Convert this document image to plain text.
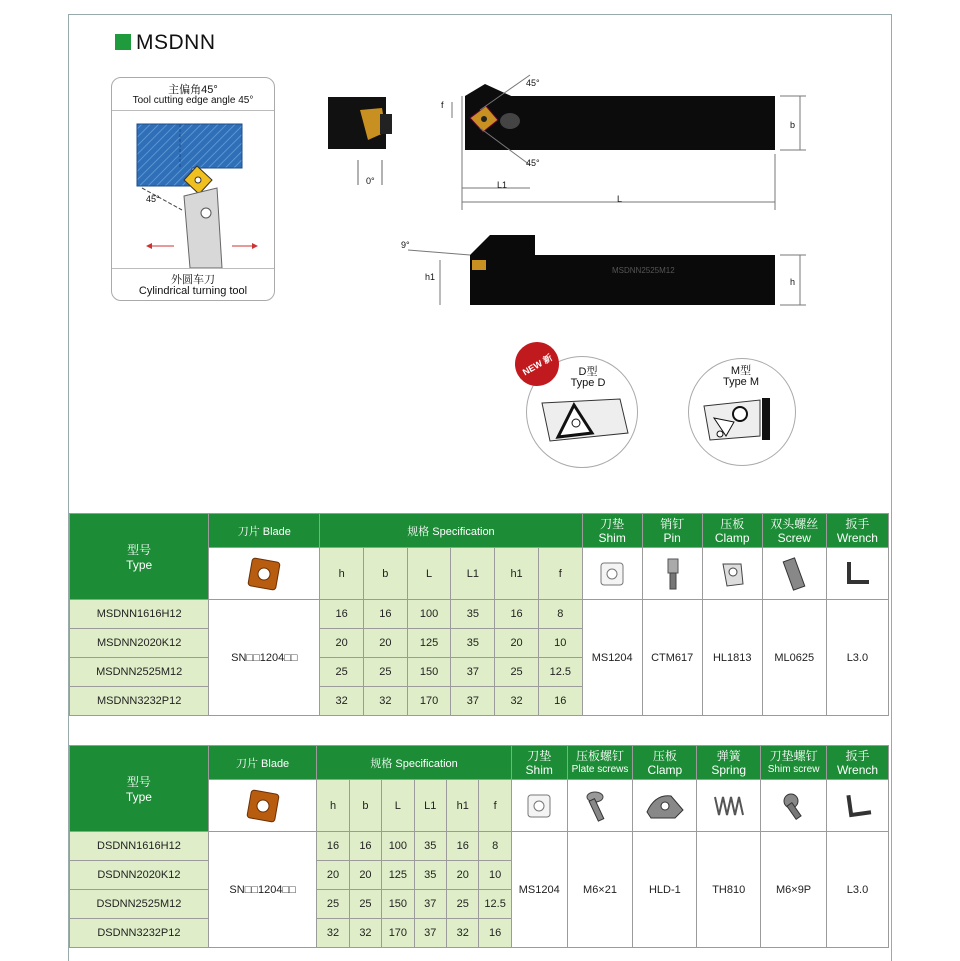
MSDNN
主偏角45°
Tool cutting edge angle 45°
45°
外圆车刀
Cylindrical turning tool
45°
45°
f
b
0°	L1
L
9°
h1	h
MSDNN2525M12
NEW 新	D型
Type D
M型
Type M
型号
Type	刀片 Blade	规格 Specification						刀垫
Shim	销钉
Pin	压板
Clamp	双头螺丝
Screw	扳手
Wrench

	h	b	L	L1	h1	f	

MSDNN1616H12	SN□□1204□□	16	16	100	35	16	8	MS1204	CTM617	HL1813	ML0625	L3.0
MSDNN2020K12		20	20	125	35	20	10					
MSDNN2525M12		25	25	150	37	25	12.5					
MSDNN3232P12		32	32	170	37	32	16					
型号
Type	刀片 Blade	规格 Specification						刀垫
Shim	压板螺钉
Plate screws	压板
Clamp	弹簧
Spring	刀垫螺钉
Shim screw	扳手
Wrench

	h	b	L	L1	h1	f	

DSDNN1616H12	SN□□1204□□	16	16	100	35	16	8	MS1204	M6×21	HLD-1	TH810	M6×9P	L3.0
DSDNN2020K12		20	20	125	35	20	10						
DSDNN2525M12		25	25	150	37	25	12.5						
DSDNN3232P12		32	32	170	37	32	16						
